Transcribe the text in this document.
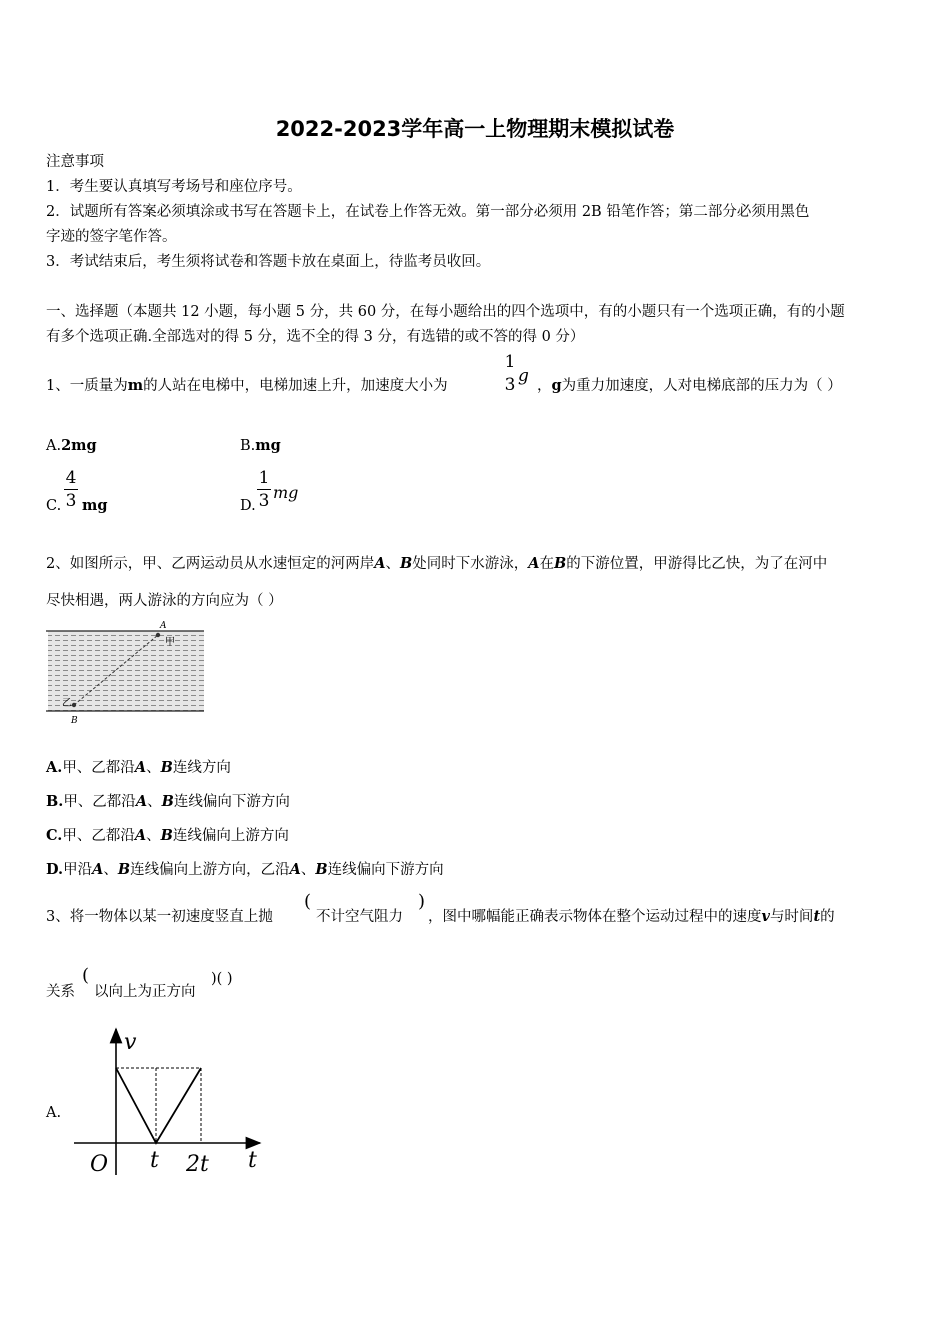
2022-2023学年高一上物理期末模拟试卷
注意事项
1．考生要认真填写考场号和座位序号。
2．试题所有答案必须填涂或书写在答题卡上，在试卷上作答无效。第一部分必须用 2B 铅笔作答；第二部分必须用黑色
字迹的签字笔作答。
3．考试结束后，考生须将试卷和答题卡放在桌面上，待监考员收回。
一、选择题（本题共 12 小题，每小题 5 分，共 60 分，在每小题给出的四个选项中，有的小题只有一个选项正确，有的小题
有多个选项正确.全部选对的得 5 分，选不全的得 3 分，有选错的或不答的得 0 分）
1、一质量为m的人站在电梯中，电梯加速上升，加速度大小为
1
3 g ，g为重力加速度，人对电梯底部的压力为（ ）
A.2mg	B.mg
C.
4
3 mg	D.
1
3 mg
2、如图所示，甲、乙两运动员从水速恒定的河两岸A、B处同时下水游泳，A在B的下游位置，甲游得比乙快，为了在河中
尽快相遇，两人游泳的方向应为（ ）
A
甲
乙
B
A.甲、乙都沿A、B连线方向
B.甲、乙都沿A、B连线偏向下游方向
C.甲、乙都沿A、B连线偏向上游方向
D.甲沿A、B连线偏向上游方向，乙沿A、B连线偏向下游方向
3、将一物体以某一初速度竖直上抛
(
不计空气阻力
)
，图中哪幅能正确表示物体在整个运动过程中的速度v与时间t的
关系
(
以向上为正方向
)( )
A.
v
t
O t 2t
